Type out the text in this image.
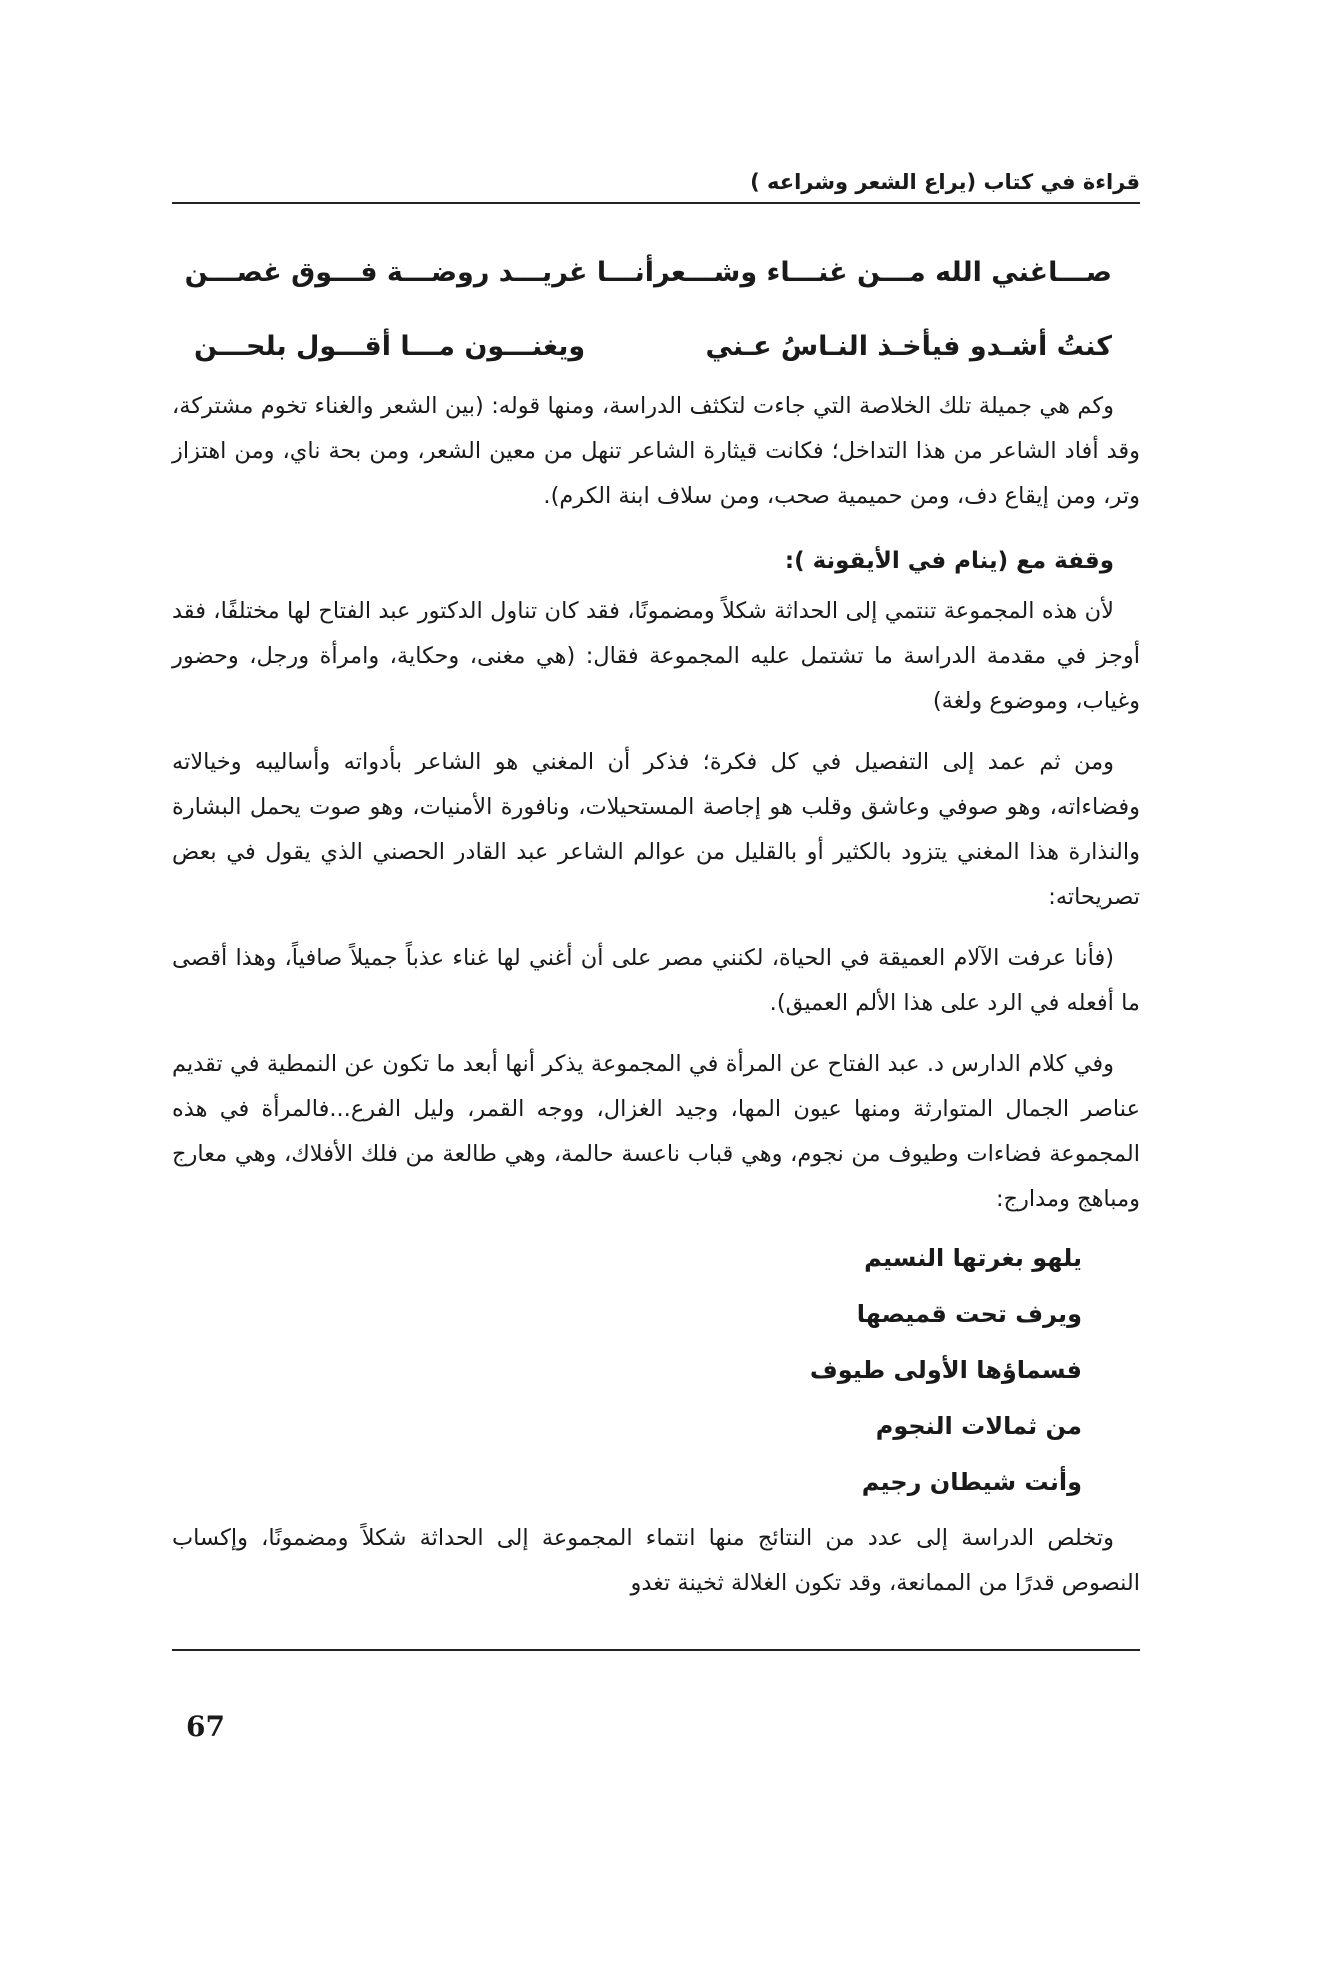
قراءة في كتاب (يراع الشعر وشراعه )
صـــاغني الله مـــن غنـــاء وشـــعر
أنـــا غريـــد روضـــة فـــوق غصـــن
كنتُ أشـدو فيأخـذ النـاسُ عـني
ويغنـــون مـــا أقـــول بلحـــن

وكم هي جميلة تلك الخلاصة التي جاءت لتكثف الدراسة، ومنها قوله: (بين الشعر والغناء تخوم مشتركة، وقد أفاد الشاعر من هذا التداخل؛ فكانت قيثارة الشاعر تنهل من معين الشعر، ومن بحة ناي، ومن اهتزاز وتر، ومن إيقاع دف، ومن حميمية صحب، ومن سلاف ابنة الكرم).

وقفة مع (ينام في الأيقونة ):

لأن هذه المجموعة تنتمي إلى الحداثة شكلاً ومضمونًا، فقد كان تناول الدكتور عبد الفتاح لها مختلفًا، فقد أوجز في مقدمة الدراسة ما تشتمل عليه المجموعة فقال: (هي مغنى، وحكاية، وامرأة ورجل، وحضور وغياب، وموضوع ولغة)

ومن ثم عمد إلى التفصيل في كل فكرة؛ فذكر أن المغني هو الشاعر بأدواته وأساليبه وخيالاته وفضاءاته، وهو صوفي وعاشق وقلب هو إجاصة المستحيلات، ونافورة الأمنيات، وهو صوت يحمل البشارة والنذارة هذا المغني يتزود بالكثير أو بالقليل من عوالم الشاعر عبد القادر الحصني الذي يقول في بعض تصريحاته:

(فأنا عرفت الآلام العميقة في الحياة، لكنني مصر على أن أغني لها غناء عذباً جميلاً صافياً، وهذا أقصى ما أفعله في الرد على هذا الألم العميق).

وفي كلام الدارس د. عبد الفتاح عن المرأة في المجموعة يذكر أنها أبعد ما تكون عن النمطية في تقديم عناصر الجمال المتوارثة ومنها عيون المها، وجيد الغزال، ووجه القمر، وليل الفرع...فالمرأة في هذه المجموعة فضاءات وطيوف من نجوم، وهي قباب ناعسة حالمة، وهي طالعة من فلك الأفلاك، وهي معارج ومباهج ومدارج:

يلهو بغرتها النسيم
ويرف تحت قميصها
فسماؤها الأولى طيوف
من ثمالات النجوم
وأنت شيطان رجيم

وتخلص الدراسة إلى عدد من النتائج منها انتماء المجموعة إلى الحداثة شكلاً ومضمونًا، وإكساب النصوص قدرًا من الممانعة، وقد تكون الغلالة ثخينة تغدو

67
